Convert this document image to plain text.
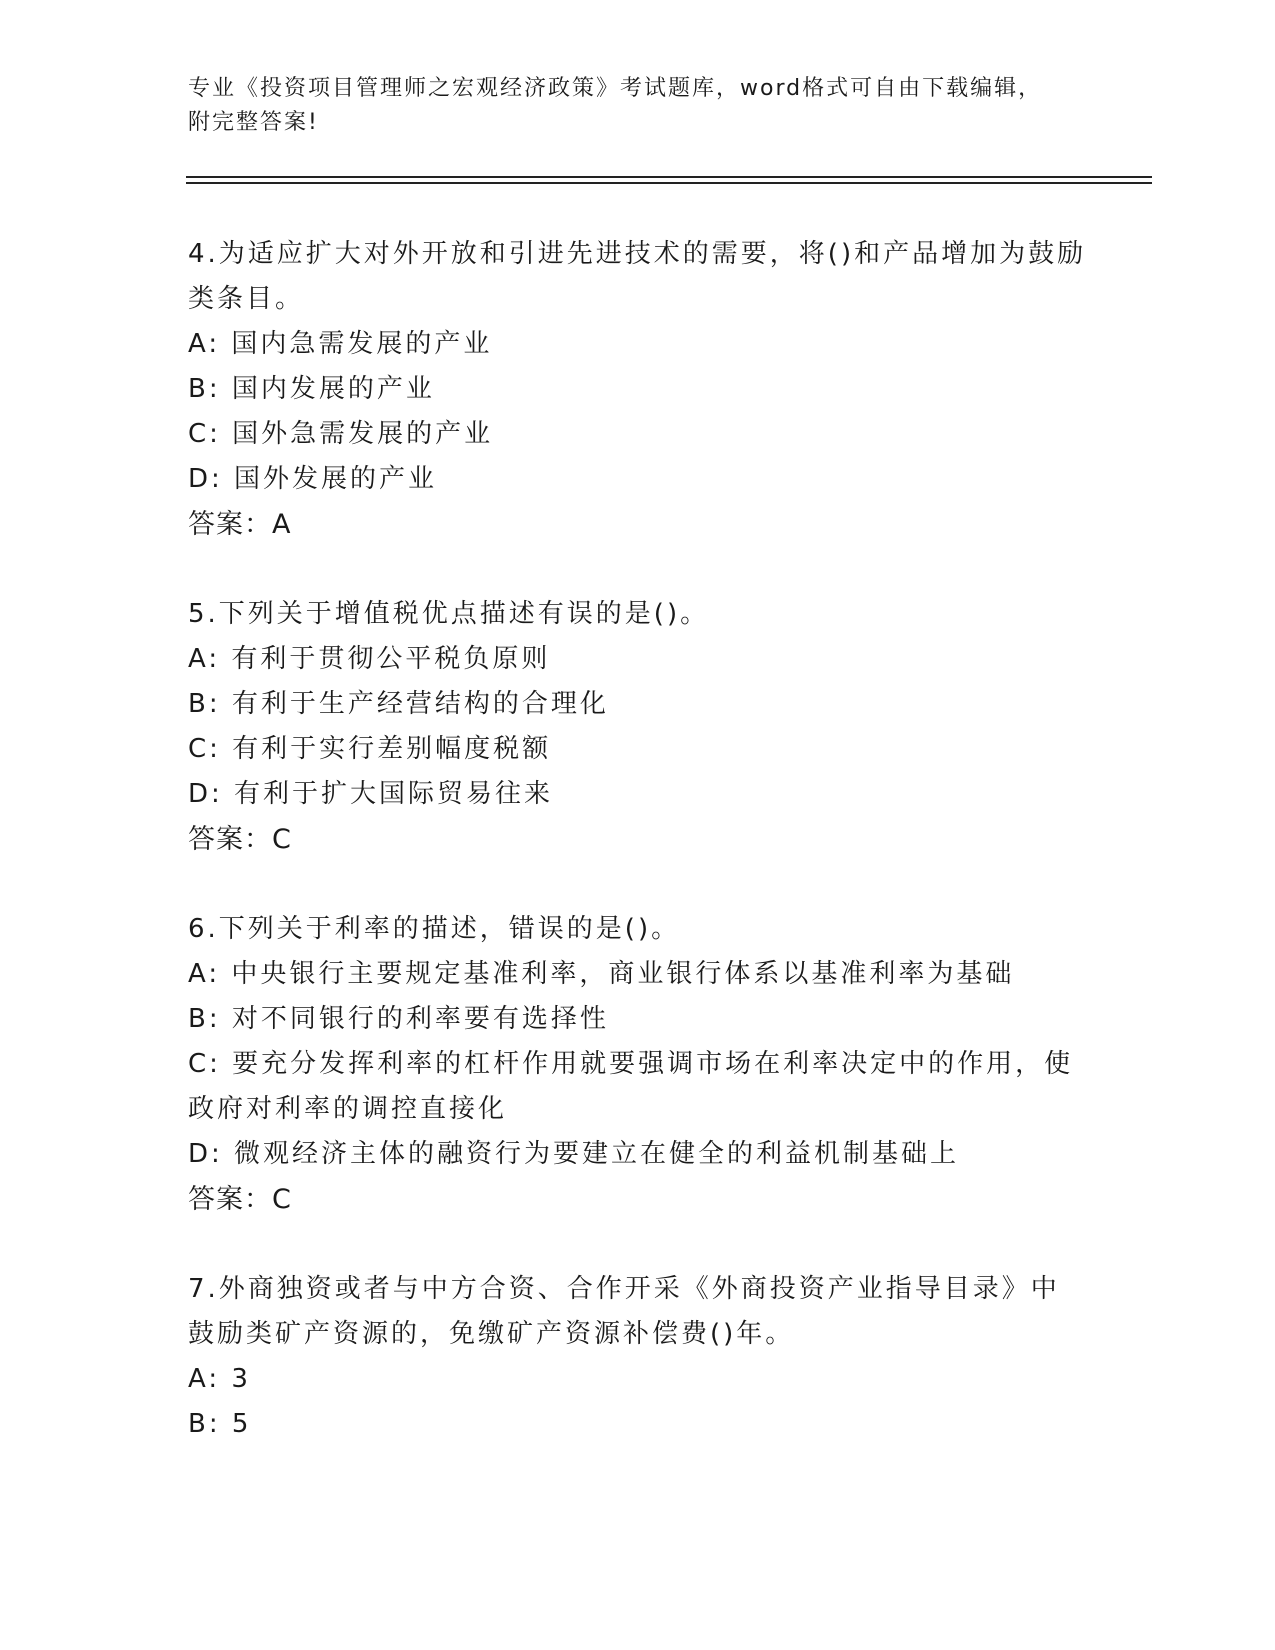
专业《投资项目管理师之宏观经济政策》考试题库，word格式可自由下载编辑，
附完整答案!
4.为适应扩大对外开放和引进先进技术的需要，将()和产品增加为鼓励类条目。
A: 国内急需发展的产业
B: 国内发展的产业
C: 国外急需发展的产业
D: 国外发展的产业
答案：A
5.下列关于增值税优点描述有误的是()。
A: 有利于贯彻公平税负原则
B: 有利于生产经营结构的合理化
C: 有利于实行差别幅度税额
D: 有利于扩大国际贸易往来
答案：C
6.下列关于利率的描述，错误的是()。
A: 中央银行主要规定基准利率，商业银行体系以基准利率为基础
B: 对不同银行的利率要有选择性
C: 要充分发挥利率的杠杆作用就要强调市场在利率决定中的作用，使政府对利率的调控直接化
D: 微观经济主体的融资行为要建立在健全的利益机制基础上
答案：C
7.外商独资或者与中方合资、合作开采《外商投资产业指导目录》中鼓励类矿产资源的，免缴矿产资源补偿费()年。
A: 3
B: 5
